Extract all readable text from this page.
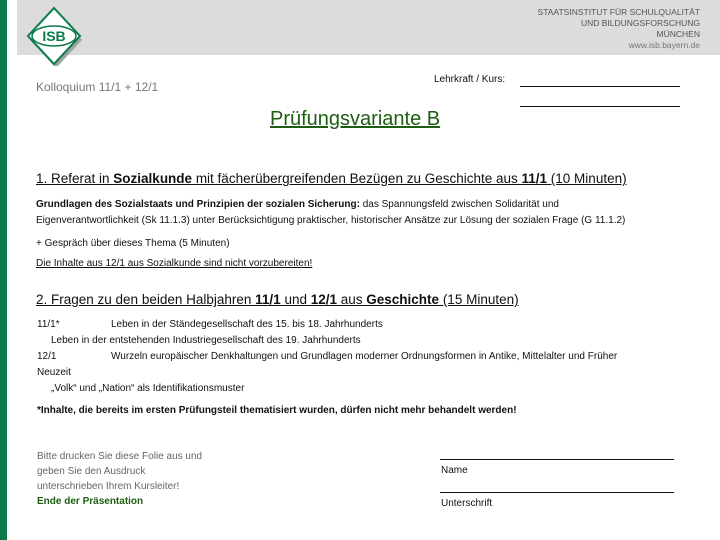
ISB
STAATSINSTITUT FÜR SCHULQUALITÄT
UND BILDUNGSFORSCHUNG
MÜNCHEN
www.isb.bayern.de
Kolloquium 11/1 + 12/1
Lehrkraft / Kurs:
Prüfungsvariante B
1. Referat in Sozialkunde mit fächerübergreifenden Bezügen zu Geschichte aus 11/1 (10 Minuten)
Grundlagen des Sozialstaats und Prinzipien der sozialen Sicherung: das Spannungsfeld zwischen Solidarität und
Eigenverantwortlichkeit (Sk 11.1.3) unter Berücksichtigung praktischer, historischer Ansätze zur Lösung der sozialen Frage (G 11.1.2)
+ Gespräch über dieses Thema (5 Minuten)
Die Inhalte aus 12/1 aus Sozialkunde sind nicht vorzubereiten!
2. Fragen zu den beiden Halbjahren 11/1 und 12/1 aus Geschichte (15 Minuten)
11/1*	Leben in der Ständegesellschaft des 15. bis 18. Jahrhunderts
Leben in der entstehenden Industriegesellschaft des 19. Jahrhunderts
12/1	Wurzeln europäischer Denkhaltungen und Grundlagen moderner Ordnungsformen in Antike, Mittelalter und Früher
Neuzeit
„Volk“ und „Nation“ als Identifikationsmuster
*Inhalte, die bereits im ersten Prüfungsteil thematisiert wurden, dürfen nicht mehr behandelt werden!
Bitte drucken Sie diese Folie aus und
geben Sie den Ausdruck
unterschrieben Ihrem Kursleiter!
Ende der Präsentation
Name
Unterschrift
